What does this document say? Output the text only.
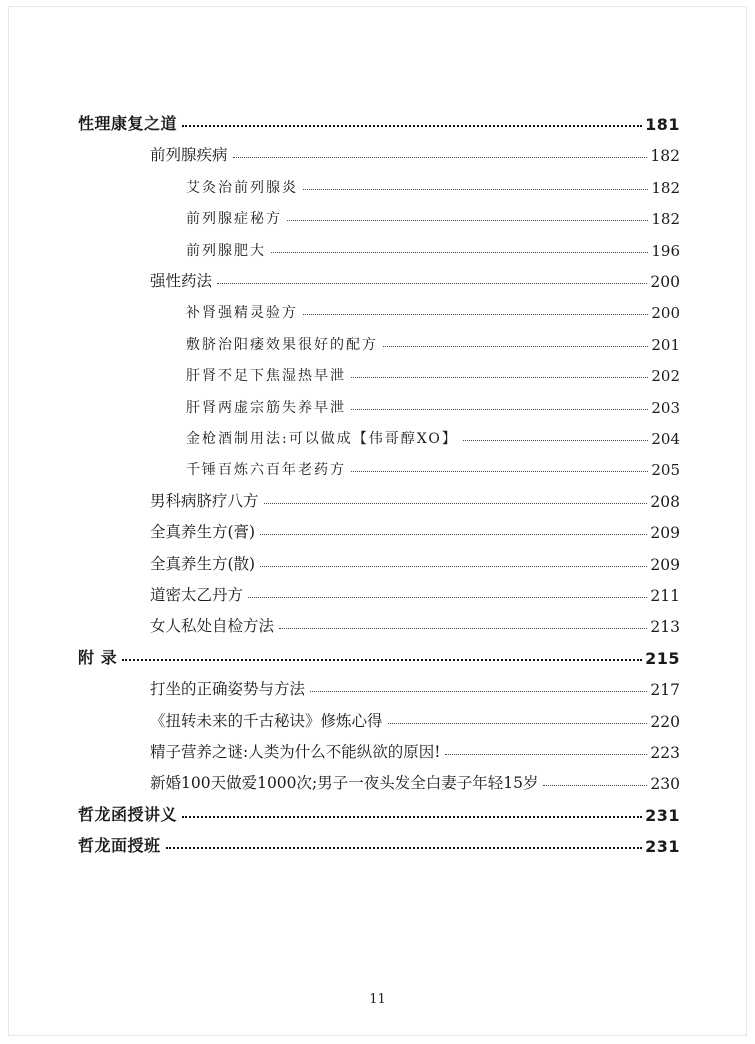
性理康复之道	181
前列腺疾病	182
艾灸治前列腺炎	182
前列腺症秘方	182
前列腺肥大	196
强性药法	200
补肾强精灵验方	200
敷脐治阳痿效果很好的配方	201
肝肾不足下焦湿热早泄	202
肝肾两虚宗筋失养早泄	203
金枪酒制用法:可以做成【伟哥醇XO】	204
千锤百炼六百年老药方	205
男科病脐疗八方	208
全真养生方(膏)	209
全真养生方(散)	209
道密太乙丹方	211
女人私处自检方法	213
附 录	215
打坐的正确姿势与方法	217
《扭转未来的千古秘诀》修炼心得	220
精子营养之谜:人类为什么不能纵欲的原因!	223
新婚100天做爱1000次;男子一夜头发全白妻子年轻15岁	230
哲龙函授讲义	231
哲龙面授班	231
11
